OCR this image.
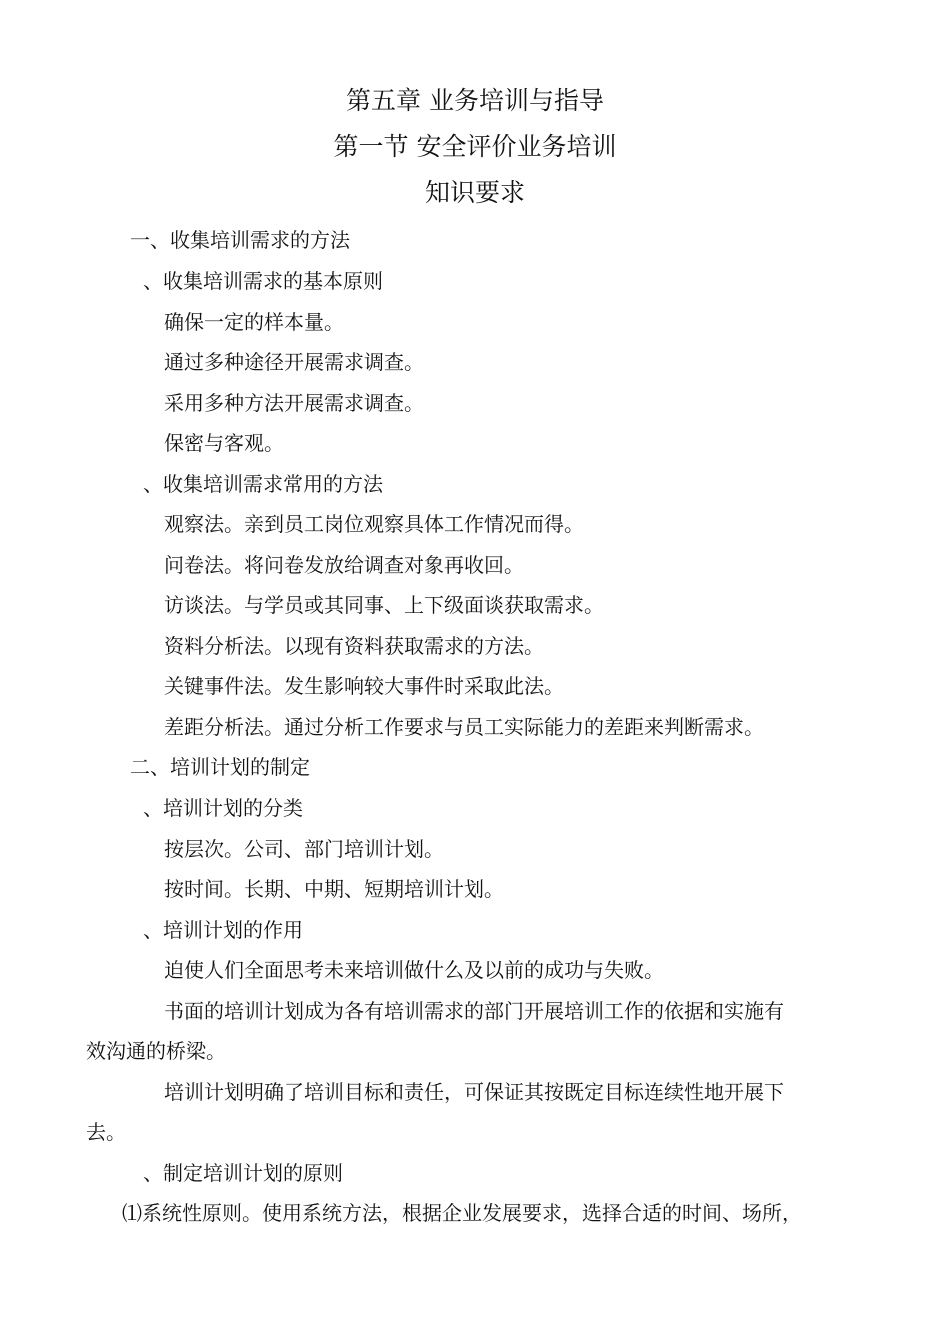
第五章 业务培训与指导
第一节 安全评价业务培训
知识要求
一、收集培训需求的方法
、收集培训需求的基本原则
确保一定的样本量。
通过多种途径开展需求调查。
采用多种方法开展需求调查。
保密与客观。
、收集培训需求常用的方法
观察法。亲到员工岗位观察具体工作情况而得。
问卷法。将问卷发放给调查对象再收回。
访谈法。与学员或其同事、上下级面谈获取需求。
资料分析法。以现有资料获取需求的方法。
关键事件法。发生影响较大事件时采取此法。
差距分析法。通过分析工作要求与员工实际能力的差距来判断需求。
二、培训计划的制定
、培训计划的分类
按层次。公司、部门培训计划。
按时间。长期、中期、短期培训计划。
、培训计划的作用
迫使人们全面思考未来培训做什么及以前的成功与失败。
书面的培训计划成为各有培训需求的部门开展培训工作的依据和实施有
效沟通的桥梁。
培训计划明确了培训目标和责任，可保证其按既定目标连续性地开展下
去。
、制定培训计划的原则
⑴系统性原则。使用系统方法，根据企业发展要求，选择合适的时间、场所，
